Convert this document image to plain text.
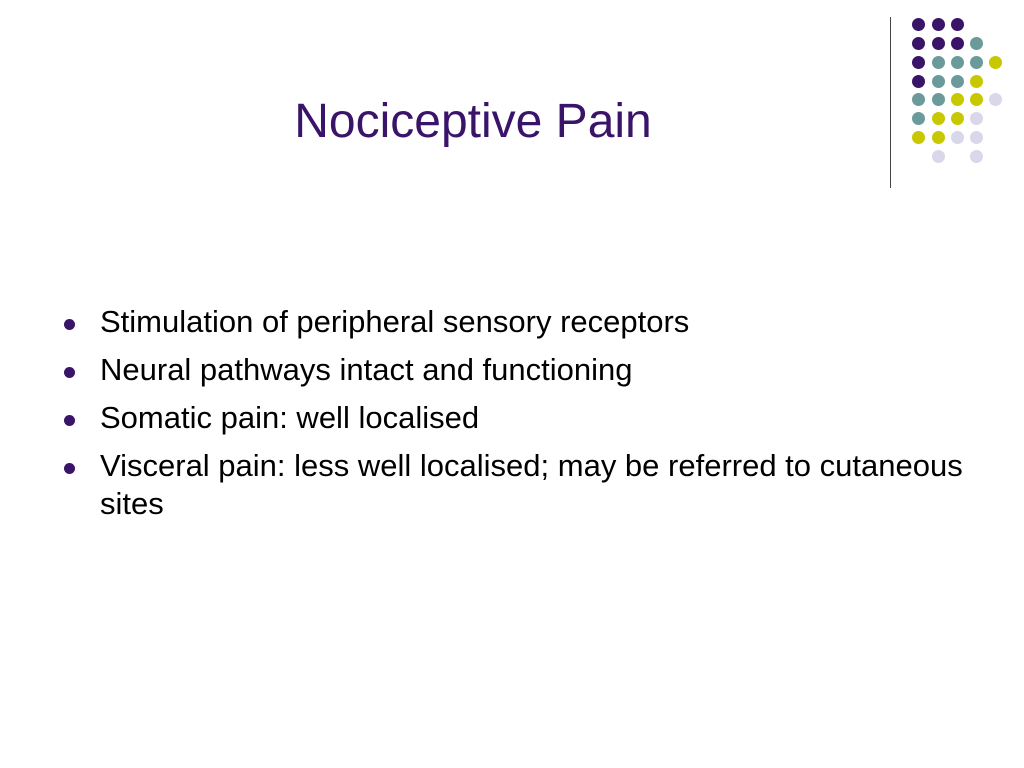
Nociceptive Pain
Stimulation of peripheral sensory receptors
Neural pathways intact and functioning
Somatic pain: well localised
Visceral pain: less well localised; may be referred to cutaneous sites
